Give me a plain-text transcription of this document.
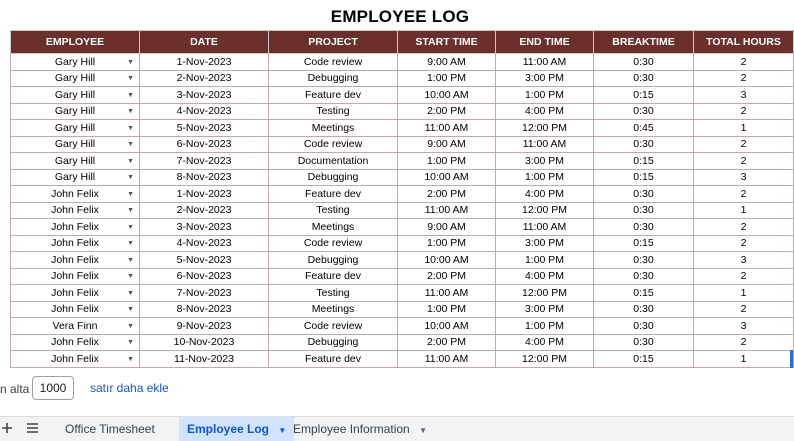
EMPLOYEE LOG
EMPLOYEE	DATE	PROJECT	START TIME	END TIME	BREAKTIME	TOTAL HOURS
Gary Hill ▼	1-Nov-2023	Code review	9:00 AM	11:00 AM	0:30	2
Gary Hill ▼	2-Nov-2023	Debugging	1:00 PM	3:00 PM	0:30	2
Gary Hill ▼	3-Nov-2023	Feature dev	10:00 AM	1:00 PM	0:15	3
Gary Hill ▼	4-Nov-2023	Testing	2:00 PM	4:00 PM	0:30	2
Gary Hill ▼	5-Nov-2023	Meetings	11:00 AM	12:00 PM	0:45	1
Gary Hill ▼	6-Nov-2023	Code review	9:00 AM	11:00 AM	0:30	2
Gary Hill ▼	7-Nov-2023	Documentation	1:00 PM	3:00 PM	0:15	2
Gary Hill ▼	8-Nov-2023	Debugging	10:00 AM	1:00 PM	0:15	3
John Felix ▼	1-Nov-2023	Feature dev	2:00 PM	4:00 PM	0:30	2
John Felix ▼	2-Nov-2023	Testing	11:00 AM	12:00 PM	0:30	1
John Felix ▼	3-Nov-2023	Meetings	9:00 AM	11:00 AM	0:30	2
John Felix ▼	4-Nov-2023	Code review	1:00 PM	3:00 PM	0:15	2
John Felix ▼	5-Nov-2023	Debugging	10:00 AM	1:00 PM	0:30	3
John Felix ▼	6-Nov-2023	Feature dev	2:00 PM	4:00 PM	0:30	2
John Felix ▼	7-Nov-2023	Testing	11:00 AM	12:00 PM	0:15	1
John Felix ▼	8-Nov-2023	Meetings	1:00 PM	3:00 PM	0:30	2
Vera Finn ▼	9-Nov-2023	Code review	10:00 AM	1:00 PM	0:30	3
John Felix ▼	10-Nov-2023	Debugging	2:00 PM	4:00 PM	0:30	2
John Felix ▼	11-Nov-2023	Feature dev	11:00 AM	12:00 PM	0:15	1
n alta 1000	satır daha ekle
Office Timesheet	Employee Log ▼ Employee Information ▼
